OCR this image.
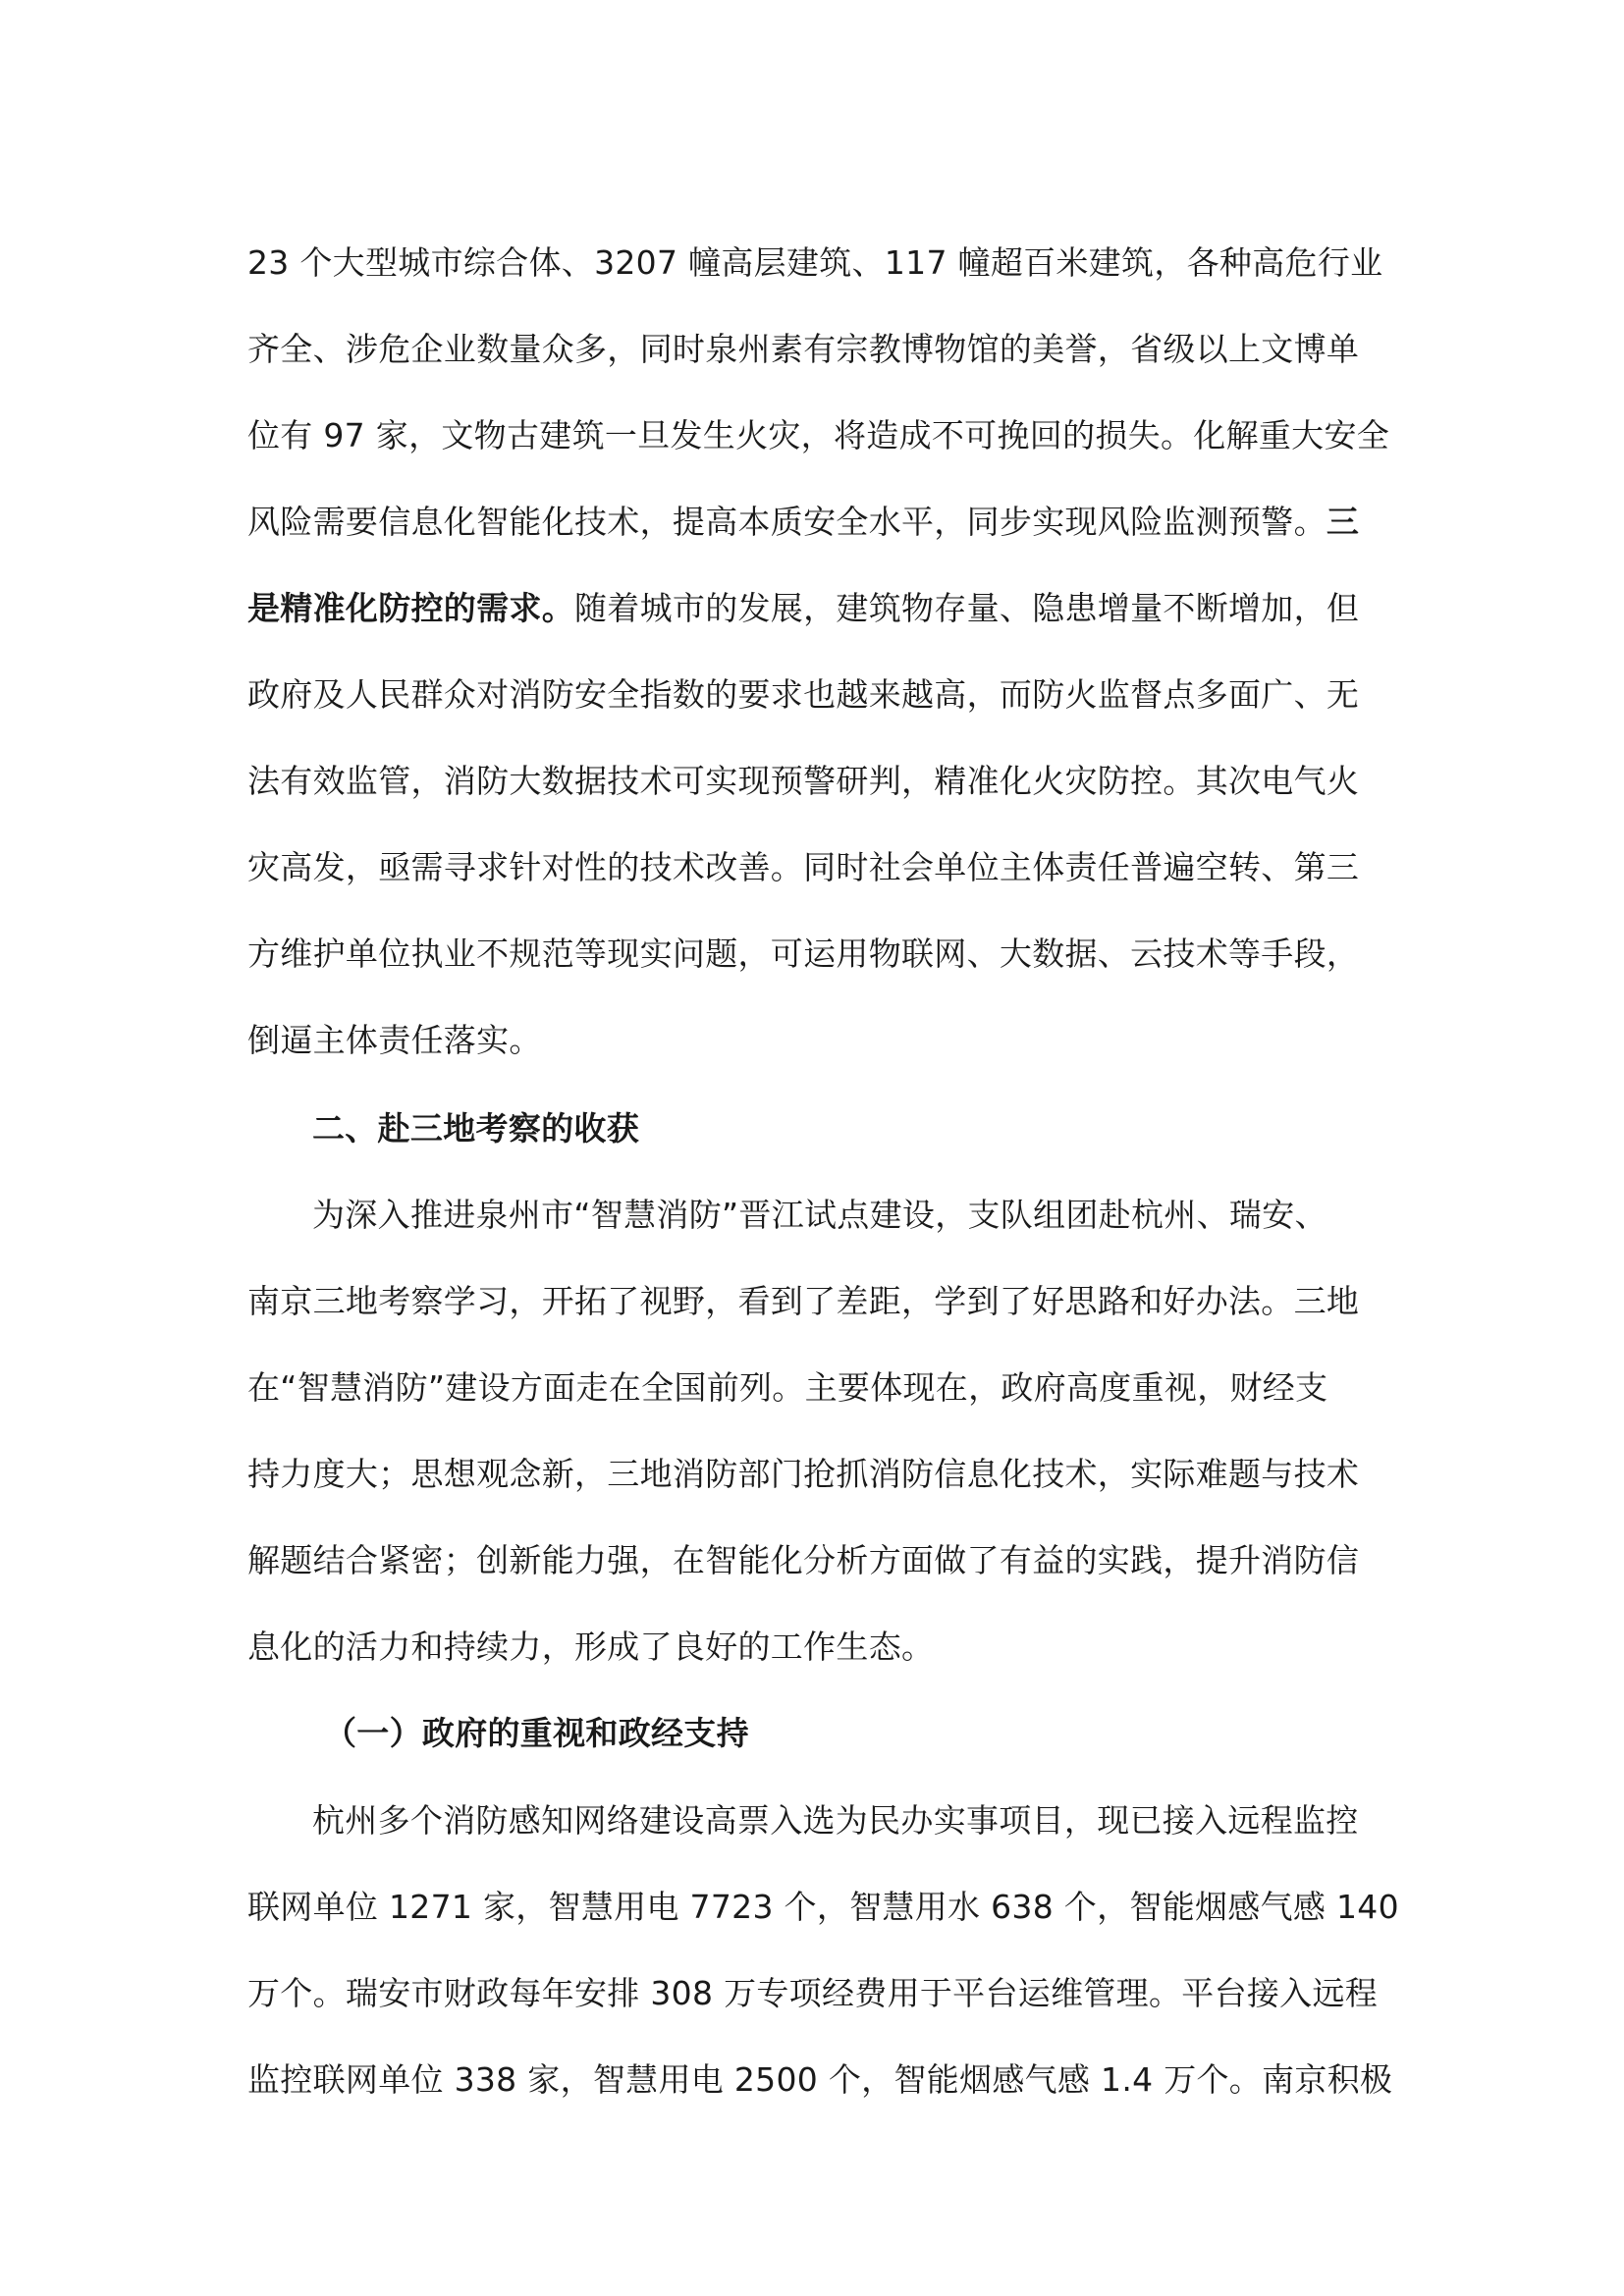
23 个大型城市综合体、3207 幢高层建筑、117 幢超百米建筑，各种高危行业
齐全、涉危企业数量众多，同时泉州素有宗教博物馆的美誉，省级以上文博单
位有 97 家，文物古建筑一旦发生火灾，将造成不可挽回的损失。化解重大安全
风险需要信息化智能化技术，提高本质安全水平，同步实现风险监测预警。三
是精准化防控的需求。随着城市的发展，建筑物存量、隐患增量不断增加，但
政府及人民群众对消防安全指数的要求也越来越高，而防火监督点多面广、无
法有效监管，消防大数据技术可实现预警研判，精准化火灾防控。其次电气火
灾高发，亟需寻求针对性的技术改善。同时社会单位主体责任普遍空转、第三
方维护单位执业不规范等现实问题，可运用物联网、大数据、云技术等手段，
倒逼主体责任落实。
二、赴三地考察的收获
为深入推进泉州市“智慧消防”晋江试点建设，支队组团赴杭州、瑞安、
南京三地考察学习，开拓了视野，看到了差距，学到了好思路和好办法。三地
在“智慧消防”建设方面走在全国前列。主要体现在，政府高度重视，财经支
持力度大；思想观念新，三地消防部门抢抓消防信息化技术，实际难题与技术
解题结合紧密；创新能力强，在智能化分析方面做了有益的实践，提升消防信
息化的活力和持续力，形成了良好的工作生态。
（一）政府的重视和政经支持
杭州多个消防感知网络建设高票入选为民办实事项目，现已接入远程监控
联网单位 1271 家，智慧用电 7723 个，智慧用水 638 个，智能烟感气感 140
万个。瑞安市财政每年安排 308 万专项经费用于平台运维管理。平台接入远程
监控联网单位 338 家，智慧用电 2500 个，智能烟感气感 1.4 万个。南京积极
